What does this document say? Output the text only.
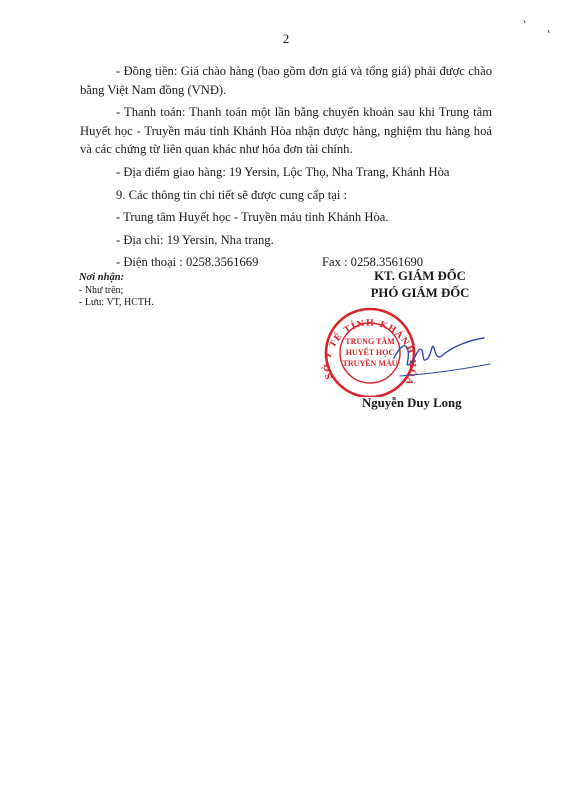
2

- Đồng tiền: Giá chào hàng (bao gồm đơn giá và tổng giá) phải được chào bằng Việt Nam đồng (VNĐ).

- Thanh toán: Thanh toán một lần bằng chuyển khoản sau khi Trung tâm Huyết học - Truyền máu tỉnh Khánh Hòa nhận được hàng, nghiệm thu hàng hoá và các chứng từ liên quan khác như hóa đơn tài chính.

- Địa điểm giao hàng: 19 Yersin, Lộc Thọ, Nha Trang, Khánh Hòa

9. Các thông tin chi tiết sẽ được cung cấp tại :

- Trung tâm Huyết học - Truyền máu tỉnh Khánh Hòa.

- Địa chỉ: 19 Yersin, Nha trang.

- Điện thoại : 0258.3561669	Fax : 0258.3561690

Nơi nhận:
- Như trên;
- Lưu: VT, HCTH.
KT. GIÁM ĐỐC
PHÓ GIÁM ĐỐC
SỞ Y TẾ TỈNH KHÁNH HÒA
TRUNG TÂM
HUYẾT HỌC
TRUYỀN MÁU
Nguyễn Duy Long
